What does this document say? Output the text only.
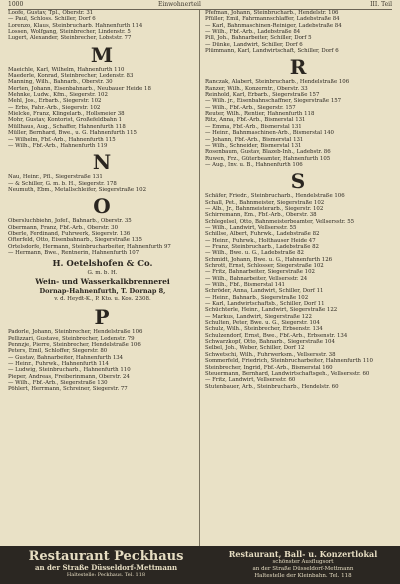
1000	Einwohnerteil	III. Teil
Loofe, Gustav, Tpl., Oberstr. 31
— Paul, Schloss. Schiller, Dorf 6
Lorenzo, Klaus, Steinbrucharb. Hahnenfurth 114
Lossen, Wolfgang, Steinbrecher, Lindenstr. 5
Lugert, Alexander, Steinbrecher, Lobststr. 77
M
Maeichle, Karl, Wilhelm, Hahnenfurth 110
Maederle, Konrad, Steinbrecher, Ledenstr. 83
Manning, Wilh., Bahnarb., Oberstr. 30
Merten, Johann, Eisenbahnarb., Neubauer Heide 18
Mehnke, Ludw., Kfm., Siegerstr. 102
Mehl, Jos., Erbarb., Siegerstr. 102
— Erbs, Fahr.-Arb., Siegerstr. 102
Mielcke, Franz, Klingelarb., Hollsmeier 38
Mohr, Gustav, Kontorist, Großefeldbahn 1
Müllhaus, Aug., Schaffer, Hahnenfurth 118
Müller, Bernhard, Bwe., u. G. Hahnenfurth 115
— Wilhelm, Fbf.-Arb., Hahnenfurth 115
— Wilh., Fbf.-Arb., Hahnenfurth 119
N
Nau, Heinr., Pfl., Siegerstraße 131
— & Schiller, G. m. b. H., Siegerstr. 178
Neumuth, Ebm., Metallschleifer, Siegerstraße 102
O
Obersluchbiehn, Jofef., Bahnarb., Oberstr. 35
Obermann, Franz, Fbf.-Arb., Oberstr. 30
Oberle, Ferdinand, Fuhrwerk, Siegerstr. 136
Ofterfeld, Otto, Eisenbahnarb., Siegerstraße 135
Ortelsdorfe, Hermann, Steinbrucharbeiter, Hahnenfurth 97
— Hermann, Bwe., Rentnerin, Hahnenfurth 107
H. Oetelshofen & Co.
G. m. b. H.
Wein- und Wasserkalkbrennerei
Dornap-Hahnenfurth, T. Dornap 8,
v. d. Heydt-K., P. Kto. u. Kos. 2308.
P
Padorle, Johann, Steinbrecher, Hendelstraße 106
Pellizzari, Gustave, Steinbrecher, Ledenstr. 79
Pennzje, Pierre, Steinbrecher, Hendelstraße 106
Peters, Emil, Schloffer, Siegerstr. 80
— Gustav, Bahnarbeiter, Hahnenfurth 134
— Heinr., Fuhrwk., Hahnenfurth 114
— Ludwig, Steinbrucharb., Hahnenfurth 110
Pieper, Andreas, Freiberinmann, Oberstr. 24
— Wilh., Fbf.-Arb., Siegerstraße 130
Pöhlert, Herrmann, Schreiner, Siegerstr. 77
Pfefman, Johann, Steinbrucharb., Hendelstr. 106
Pfüller, Emil, Fahrmannschlaffer, Ladebstraße 84
— Karl, Bahnmaschinen-Reiniger, Ladebstraße 84
— Wilh., Fbf.-Arb., Ladebstraße 84
Pill, Joh., Bahnarbeiter, Schiller, Dorf 5
— Dünke, Landwirt, Schiller, Dorf 6
Plümmann, Karl, Landwirtschaft, Schiller, Dorf 6
R
Ranczak, Alabert, Steinbrucharb., Hendelstraße 106
Ranzer, Wilh., Konzerntr., Oberstr. 33
Reinhold, Karl, Erbarb., Siegerstraße 157
— Wilh. jr., Eisenbahnschaffner, Siegerstraße 157
— Wilh., Fbf.-Arb., Siegerstr. 157
Reuter, Wilh., Rentier, Hahnenfurth 118
Ritz, Anna, Fbf.-Arb., Bismerstal 131
— Emma, Fbf.-Arb., Bismerstal 131
— Heinr., Bahnmaschinen-Arb., Bismerstal 140
— Johann, Fbf.-Arb., Bismerstal 131
— Wilh., Schneider, Bismerstal 131
Rosenbaum, Gustav, Blazeb-Inh., Ladebstr. 86
Ruwen, Frz., Güterbeamter, Hahnenfurth 105
— Aug., Inv. u. B., Hahnenfurth 106
S
Schäfer, Friedr., Steinbrucharb., Hendelstraße 106
Schall, Pet., Bahnmeister, Siegerstraße 102
— Alb., Jr., Bahnmeisterarb., Siegerstr. 102
Schirremann, Em., Fbf.-Arb., Oberstr. 38
Schlegelsel, Otto, Bahnmeisterbeamter, Vellsersstr. 55
— Wilh., Landwirt, Vellsersstr. 55
Schillse, Albert, Fuhrwk., Ladebstraße 82
— Heinr., Fuhrwk., Holthauser Heide 47
— Franz, Steinbrucharb., Ladebstraße 82
— Wilh., Bwe. u. G., Ladebstraße 82
Schmidt, Johann, Bwe. u. G., Hahnenfurth 126
Schrott, Ernst, Schlosser, Siegerstraße 102
— Fritz, Bahnarbeiter, Siegerstraße 102
— Wilh., Bahnarbeiter, Vellsersstr. 24
— Wilh., Fbf., Bismerstal 141
Schröder, Anna, Landwirt, Schiller, Dorf 11
— Heinr., Bahnarb., Siegerstraße 102
— Karl, Landwirtschaftsb., Schiller, Dorf 11
Schüchterle, Heinr., Landwirt, Siegerstraße 122
— Markus, Landwirt, Siegerstraße 122
Schulten, Peter, Bwe. u. G., Siegerstr. 104
Schulz, Wilh., Steinbrecher, Erbsenstr. 134
Schulzendorf, Ernst, Bwe., Fbf.-Arb., Erbsenstr. 134
Schwarzkopf, Otto, Bahnarb., Siegerstraße 104
Selbel, Joh., Weber, Schiller, Dorf 12
Schwetschi, Wilh., Fuhrwerksm., Vellsersstr. 38
Sommerfeld, Friedrich, Steinbrucharbeiter, Hahnenfurth 110
Steinbrecher, Ingrid, Fbf.-Arb., Bismerstal 160
Steuermann, Bernhard, Landwirtschaftsgeh., Vellsersstr. 60
— Fritz, Landwirt, Vellsersstr. 60
Stutenbauer, Arb., Steinbrucharb., Hendelstr. 60
Restaurant Peckhaus
an der Straße Düsseldorf-Mettmann
Haltestelle: Peckhaus. Tel. 118
Restaurant, Ball- u. Konzertlokal
schönster Ausflugsort
an der Straße Düsseldorf-Mettmann
Haltestelle der Kleinbahn. Tel. 118
